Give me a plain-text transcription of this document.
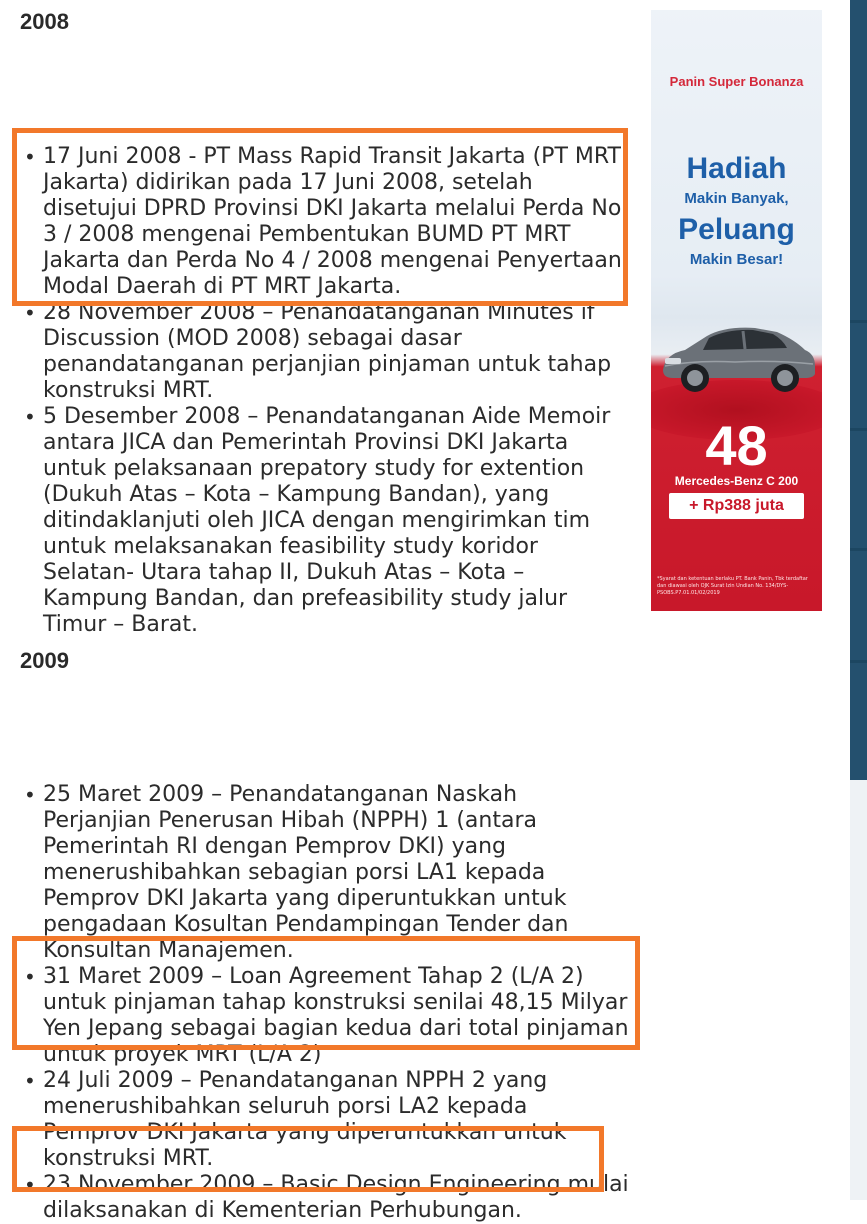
2008
• 17 Juni 2008 - PT Mass Rapid Transit Jakarta (PT MRT Jakarta) didirikan pada 17 Juni 2008, setelah disetujui DPRD Provinsi DKI Jakarta melalui Perda No 3 / 2008 mengenai Pembentukan BUMD PT MRT Jakarta dan Perda No 4 / 2008 mengenai Penyertaan Modal Daerah di PT MRT Jakarta.
• 28 November 2008 – Penandatanganan Minutes if Discussion (MOD 2008) sebagai dasar penandatanganan perjanjian pinjaman untuk tahap konstruksi MRT.
• 5 Desember 2008 – Penandatanganan Aide Memoir antara JICA dan Pemerintah Provinsi DKI Jakarta untuk pelaksanaan prepatory study for extention (Dukuh Atas – Kota – Kampung Bandan), yang ditindaklanjuti oleh JICA dengan mengirimkan tim untuk melaksanakan feasibility study koridor Selatan- Utara tahap II, Dukuh Atas – Kota – Kampung Bandan, dan prefeasibility study jalur Timur – Barat.
2009
• 25 Maret 2009 – Penandatanganan Naskah Perjanjian Penerusan Hibah (NPPH) 1 (antara Pemerintah RI dengan Pemprov DKI) yang menerushibahkan sebagian porsi LA1 kepada Pemprov DKI Jakarta yang diperuntukkan untuk pengadaan Kosultan Pendampingan Tender dan Konsultan Manajemen.
• 31 Maret 2009 – Loan Agreement Tahap 2 (L/A 2) untuk pinjaman tahap konstruksi senilai 48,15 Milyar Yen Jepang sebagai bagian kedua dari total pinjaman untuk proyek MRT (L/A 2)
• 24 Juli 2009 – Penandatanganan NPPH 2 yang menerushibahkan seluruh porsi LA2 kepada Pemprov DKI Jakarta yang diperuntukkan untuk konstruksi MRT.
• 23 November 2009 – Basic Design Engineering mulai dilaksanakan di Kementerian Perhubungan.
Panin Super Bonanza
Hadiah
Makin Banyak,
Peluang
Makin Besar!
48
Mercedes-Benz C 200
+ Rp388 juta
*Syarat dan ketentuan berlaku PT. Bank Panin, Tbk terdaftar dan diawasi oleh OJK Surat Izin Undian No. 134/DYS-PSOBS.P7.01.01/02/2019
